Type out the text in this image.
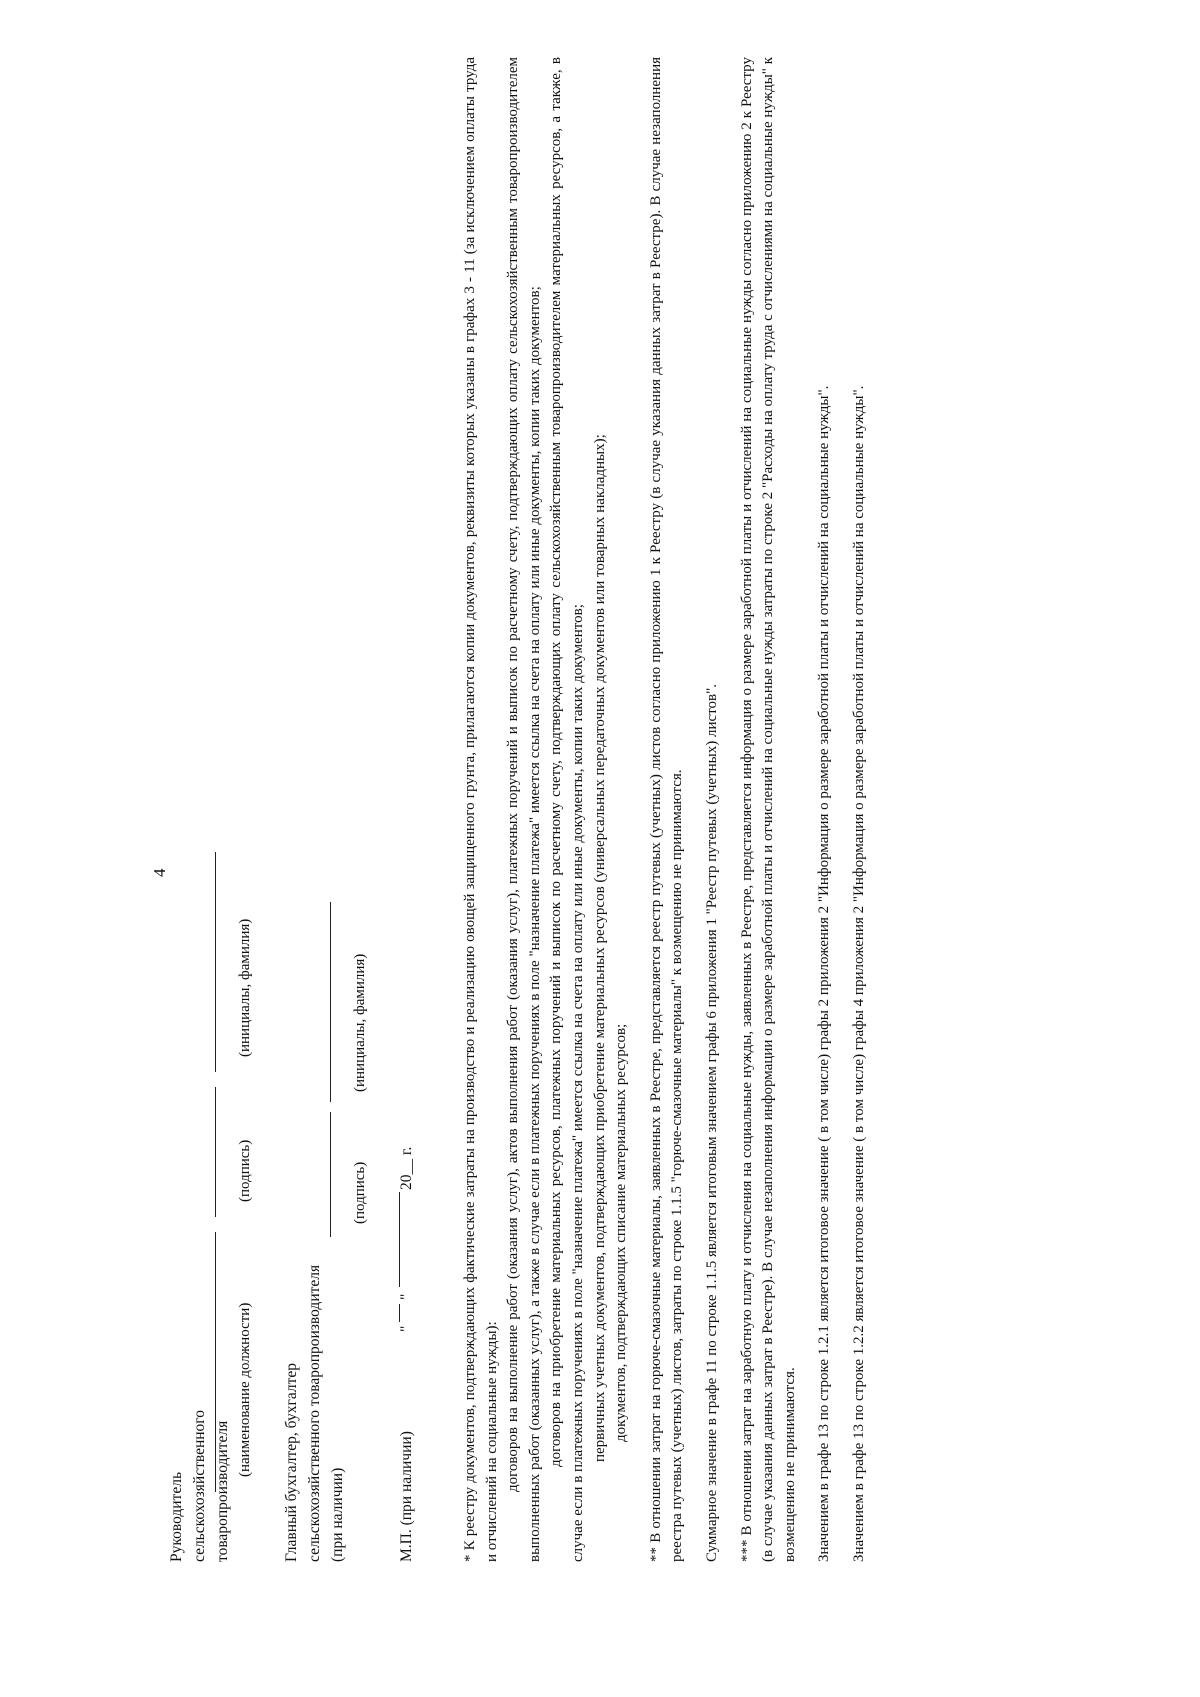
4
Руководитель сельскохозяйственного товаропроизводителя
(наименование должности)
(подпись)
(инициалы, фамилия)
Главный бухгалтер, бухгалтер сельскохозяйственного товаропроизводителя (при наличии)
(подпись)
(инициалы, фамилия)
М.П. (при наличии)
"
"
20__ г.	* К реестру документов, подтверждающих фактические затраты на производство и реализацию овощей защищенного грунта, прилагаются копии документов, реквизиты которых указаны в графах 3 - 11 (за исключением оплаты труда и отчислений на социальные нужды): договоров на выполнение работ (оказания услуг), актов выполнения работ (оказания услуг), платежных поручений и выписок по расчетному счету, подтверждающих оплату сельскохозяйственным товаропроизводителем выполненных работ (оказанных услуг), а также в случае если в платежных поручениях в поле "назначение платежа" имеется ссылка на счета на оплату или иные документы, копии таких документов; договоров на приобретение материальных ресурсов, платежных поручений и выписок по расчетному счету, подтверждающих оплату сельскохозяйственным товаропроизводителем материальных ресурсов, а также, в случае если в платежных поручениях в поле "назначение платежа" имеется ссылка на счета на оплату или иные документы, копии таких документов; первичных учетных документов, подтверждающих приобретение материальных ресурсов (универсальных передаточных документов или товарных накладных); документов, подтверждающих списание материальных ресурсов; ** В отношении затрат на горюче-смазочные материалы, заявленных в Реестре, представляется реестр путевых (учетных) листов согласно приложению 1 к Реестру (в случае указания данных затрат в Реестре). В случае незаполнения реестра путевых (учетных) листов, затраты по строке 1.1.5 "горюче-смазочные материалы" к возмещению не принимаются. Суммарное значение в графе 11 по строке 1.1.5 является итоговым значением графы 6 приложения 1 "Реестр путевых (учетных) листов". *** В отношении затрат на заработную плату и отчисления на социальные нужды, заявленных в Реестре, представляется информация о размере заработной платы и отчислений на социальные нужды согласно приложению 2 к Реестру (в случае указания данных затрат в Реестре). В случае незаполнения информации о размере заработной платы и отчислений на социальные нужды затраты по строке 2 "Расходы на оплату труда с отчислениями на социальные нужды" к возмещению не принимаются. Значением в графе 13 по строке 1.2.1 является итоговое значение ( в том числе) графы 2 приложения 2 "Информация о размере заработной платы и отчислений на социальные нужды". Значением в графе 13 по строке 1.2.2 является итоговое значение ( в том числе) графы 4 приложения 2 "Информация о размере заработной платы и отчислений на социальные нужды".
